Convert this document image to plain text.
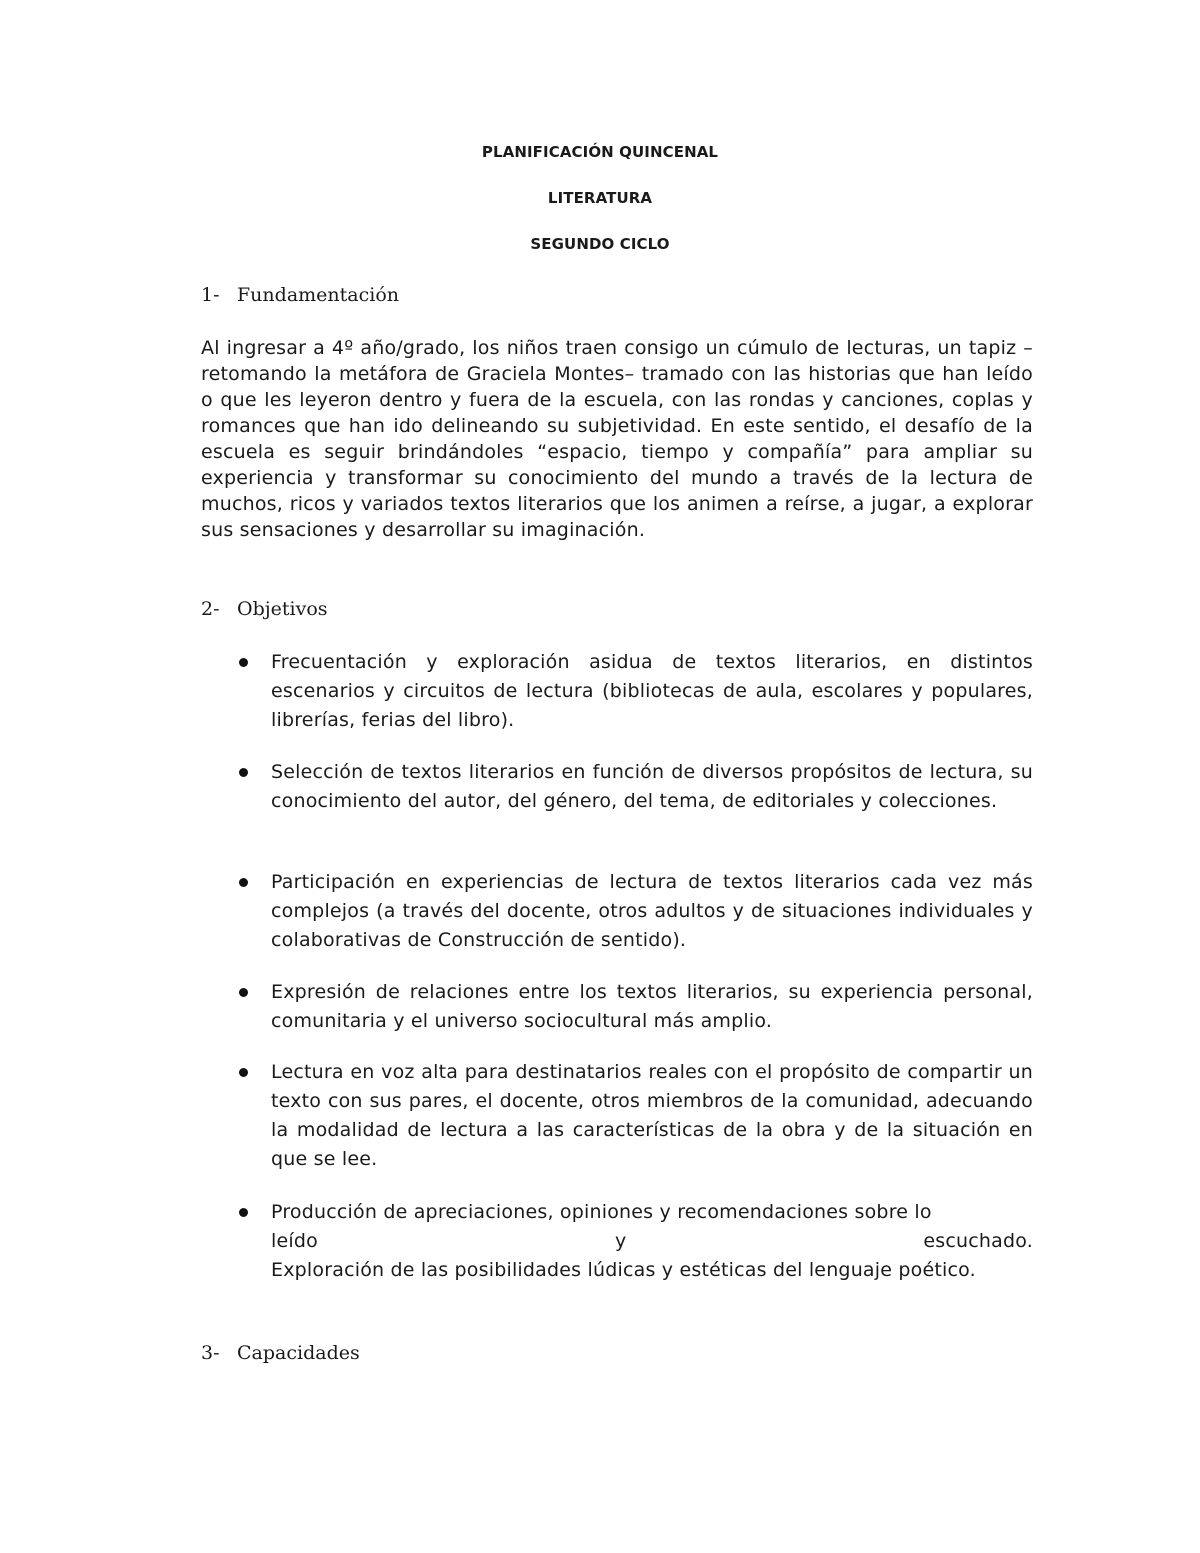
PLANIFICACIÓN QUINCENAL
LITERATURA
SEGUNDO CICLO
1- Fundamentación
Al ingresar a 4º año/grado, los niños traen consigo un cúmulo de lecturas, un tapiz –retomando la metáfora de Graciela Montes– tramado con las historias que han leído o que les leyeron dentro y fuera de la escuela, con las rondas y canciones, coplas y romances que han ido delineando su subjetividad. En este sentido, el desafío de la escuela es seguir brindándoles “espacio, tiempo y compañía” para ampliar su experiencia y transformar su conocimiento del mundo a través de la lectura de muchos, ricos y variados textos literarios que los animen a reírse, a jugar, a explorar sus sensaciones y desarrollar su imaginación.
2- Objetivos
Frecuentación y exploración asidua de textos literarios, en distintos escenarios y circuitos de lectura (bibliotecas de aula, escolares y populares, librerías, ferias del libro).
Selección de textos literarios en función de diversos propósitos de lectura, su conocimiento del autor, del género, del tema, de editoriales y colecciones.
Participación en experiencias de lectura de textos literarios cada vez más complejos (a través del docente, otros adultos y de situaciones individuales y colaborativas de Construcción de sentido).
Expresión de relaciones entre los textos literarios, su experiencia personal, comunitaria y el universo sociocultural más amplio.
Lectura en voz alta para destinatarios reales con el propósito de compartir un texto con sus pares, el docente, otros miembros de la comunidad, adecuando la modalidad de lectura a las características de la obra y de la situación en que se lee.
Producción de apreciaciones, opiniones y recomendaciones sobre lo
leído	y	escuchado.
Exploración de las posibilidades lúdicas y estéticas del lenguaje poético.
3- Capacidades
